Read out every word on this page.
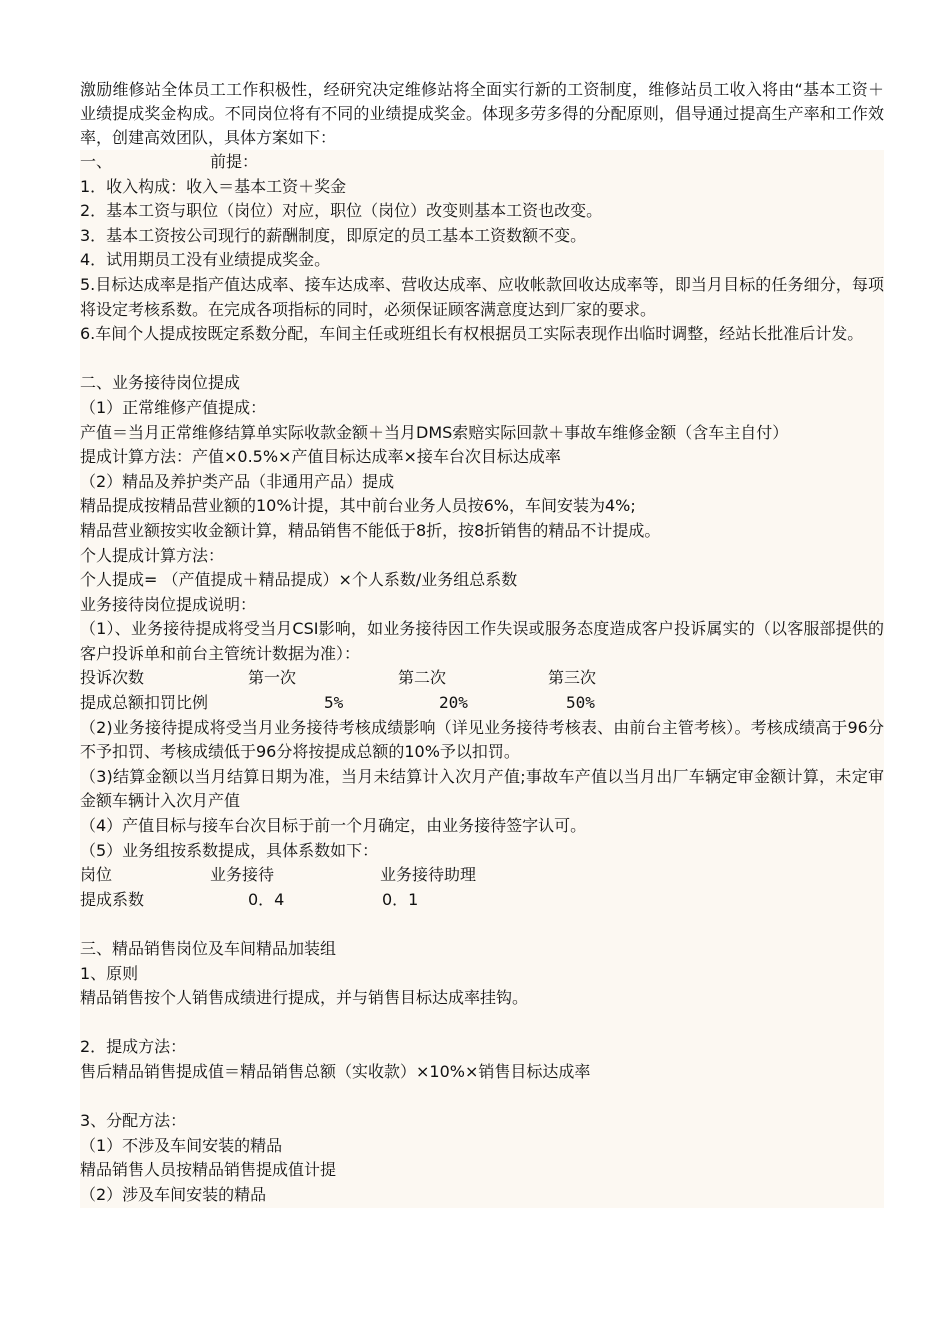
激励维修站全体员工工作积极性，经研究决定维修站将全面实行新的工资制度，维修站员工收入将由“基本工资＋业绩提成奖金构成。不同岗位将有不同的业绩提成奖金。体现多劳多得的分配原则，倡导通过提高生产率和工作效率，创建高效团队，具体方案如下：
一、	前提：
1．收入构成：收入＝基本工资＋奖金
2．基本工资与职位（岗位）对应，职位（岗位）改变则基本工资也改变。
3．基本工资按公司现行的薪酬制度，即原定的员工基本工资数额不变。
4．试用期员工没有业绩提成奖金。
5.目标达成率是指产值达成率、接车达成率、营收达成率、应收帐款回收达成率等，即当月目标的任务细分，每项将设定考核系数。在完成各项指标的同时，必须保证顾客满意度达到厂家的要求。
6.车间个人提成按既定系数分配，车间主任或班组长有权根据员工实际表现作出临时调整，经站长批准后计发。
二、业务接待岗位提成
（1）正常维修产值提成：
产值＝当月正常维修结算单实际收款金额＋当月DMS索赔实际回款＋事故车维修金额（含车主自付）
提成计算方法：产值×0.5%×产值目标达成率×接车台次目标达成率
（2）精品及养护类产品（非通用产品）提成
精品提成按精品营业额的10%计提，其中前台业务人员按6%，车间安装为4%;
精品营业额按实收金额计算，精品销售不能低于8折，按8折销售的精品不计提成。
个人提成计算方法：
个人提成= （产值提成＋精品提成）×个人系数/业务组总系数
业务接待岗位提成说明：
（1）、业务接待提成将受当月CSI影响，如业务接待因工作失误或服务态度造成客户投诉属实的（以客服部提供的客户投诉单和前台主管统计数据为准）：
投诉次数	第一次	第二次	第三次
提成总额扣罚比例	5%	20%	50%
（2)业务接待提成将受当月业务接待考核成绩影响（详见业务接待考核表、由前台主管考核）。考核成绩高于96分不予扣罚、考核成绩低于96分将按提成总额的10%予以扣罚。
（3)结算金额以当月结算日期为准，当月未结算计入次月产值;事故车产值以当月出厂车辆定审金额计算，未定审金额车辆计入次月产值
（4）产值目标与接车台次目标于前一个月确定，由业务接待签字认可。
（5）业务组按系数提成，具体系数如下：
岗位	业务接待	业务接待助理
提成系数	0．4	0．1
三、精品销售岗位及车间精品加装组
1、原则
精品销售按个人销售成绩进行提成，并与销售目标达成率挂钩。
2．提成方法：
售后精品销售提成值＝精品销售总额（实收款）×10%×销售目标达成率
3、分配方法：
（1）不涉及车间安装的精品
精品销售人员按精品销售提成值计提
（2）涉及车间安装的精品
